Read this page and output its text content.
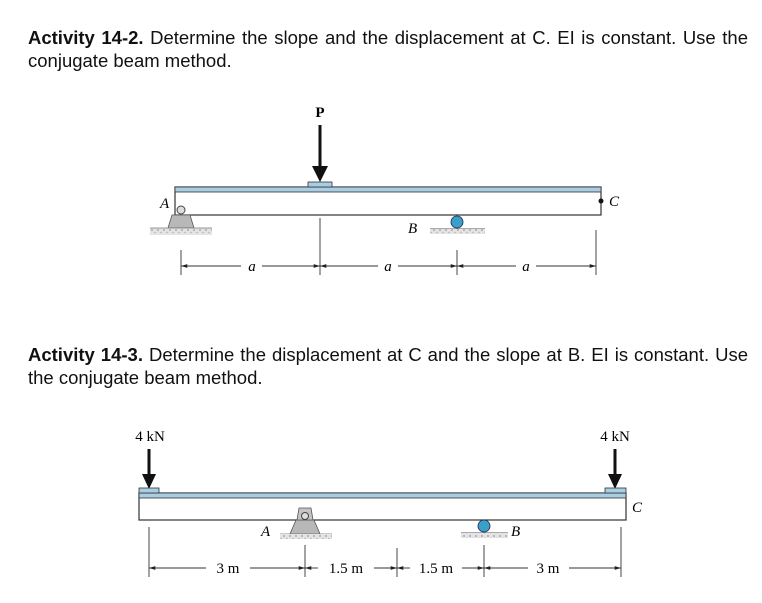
Activity 14-2. Determine the slope and the displacement at C. EI is constant. Use the conjugate beam method.
Activity 14-3. Determine the displacement at C and the slope at B. EI is constant. Use the conjugate beam method.
P
A
B
C
a	a	a
4 kN	4 kN
A	B
C
3 m	1.5 m	1.5 m	3 m
